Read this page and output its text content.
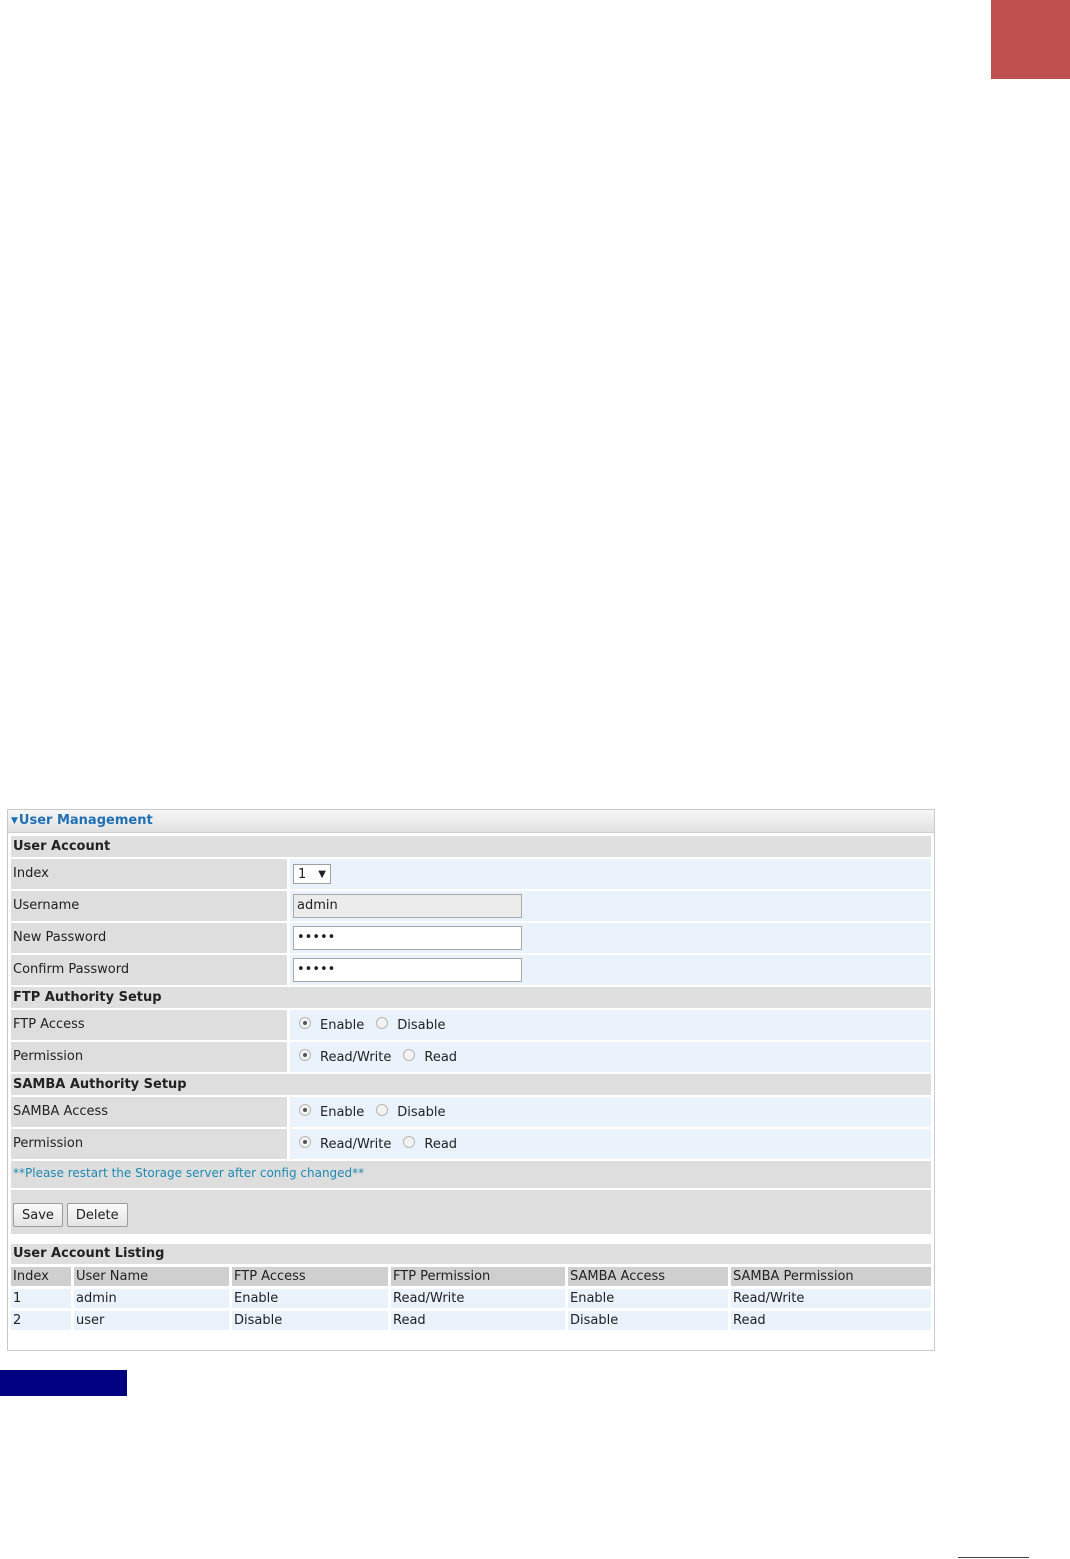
▼User Management
User Account
Index	1 ▼
Username	admin
New Password	•••••
Confirm Password	•••••
FTP Authority Setup
FTP Access	Enable	Disable
Permission	Read/Write	Read
SAMBA Authority Setup
SAMBA Access	Enable	Disable
Permission	Read/Write	Read
**Please restart the Storage server after config changed**
Save	Delete
User Account Listing
Index	User Name	FTP Access	FTP Permission	SAMBA Access	SAMBA Permission
1	admin	Enable	Read/Write	Enable	Read/Write
2	user	Disable	Read	Disable	Read
